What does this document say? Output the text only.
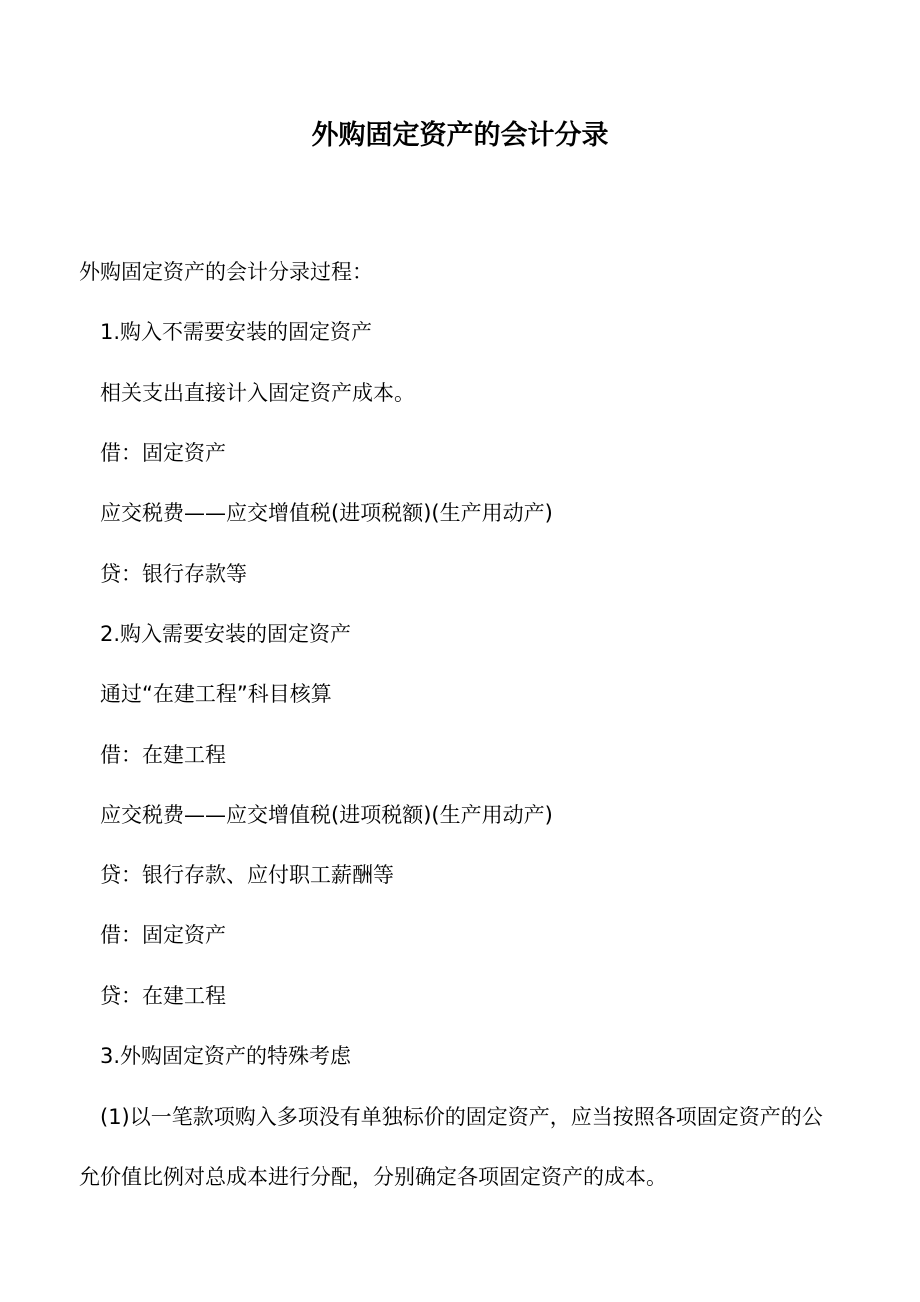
外购固定资产的会计分录

外购固定资产的会计分录过程：

1.购入不需要安装的固定资产

相关支出直接计入固定资产成本。

借：固定资产

应交税费——应交增值税(进项税额)(生产用动产)

贷：银行存款等

2.购入需要安装的固定资产

通过“在建工程”科目核算

借：在建工程

应交税费——应交增值税(进项税额)(生产用动产)

贷：银行存款、应付职工薪酬等

借：固定资产

贷：在建工程

3.外购固定资产的特殊考虑

(1)以一笔款项购入多项没有单独标价的固定资产，应当按照各项固定资产的公

允价值比例对总成本进行分配，分别确定各项固定资产的成本。
